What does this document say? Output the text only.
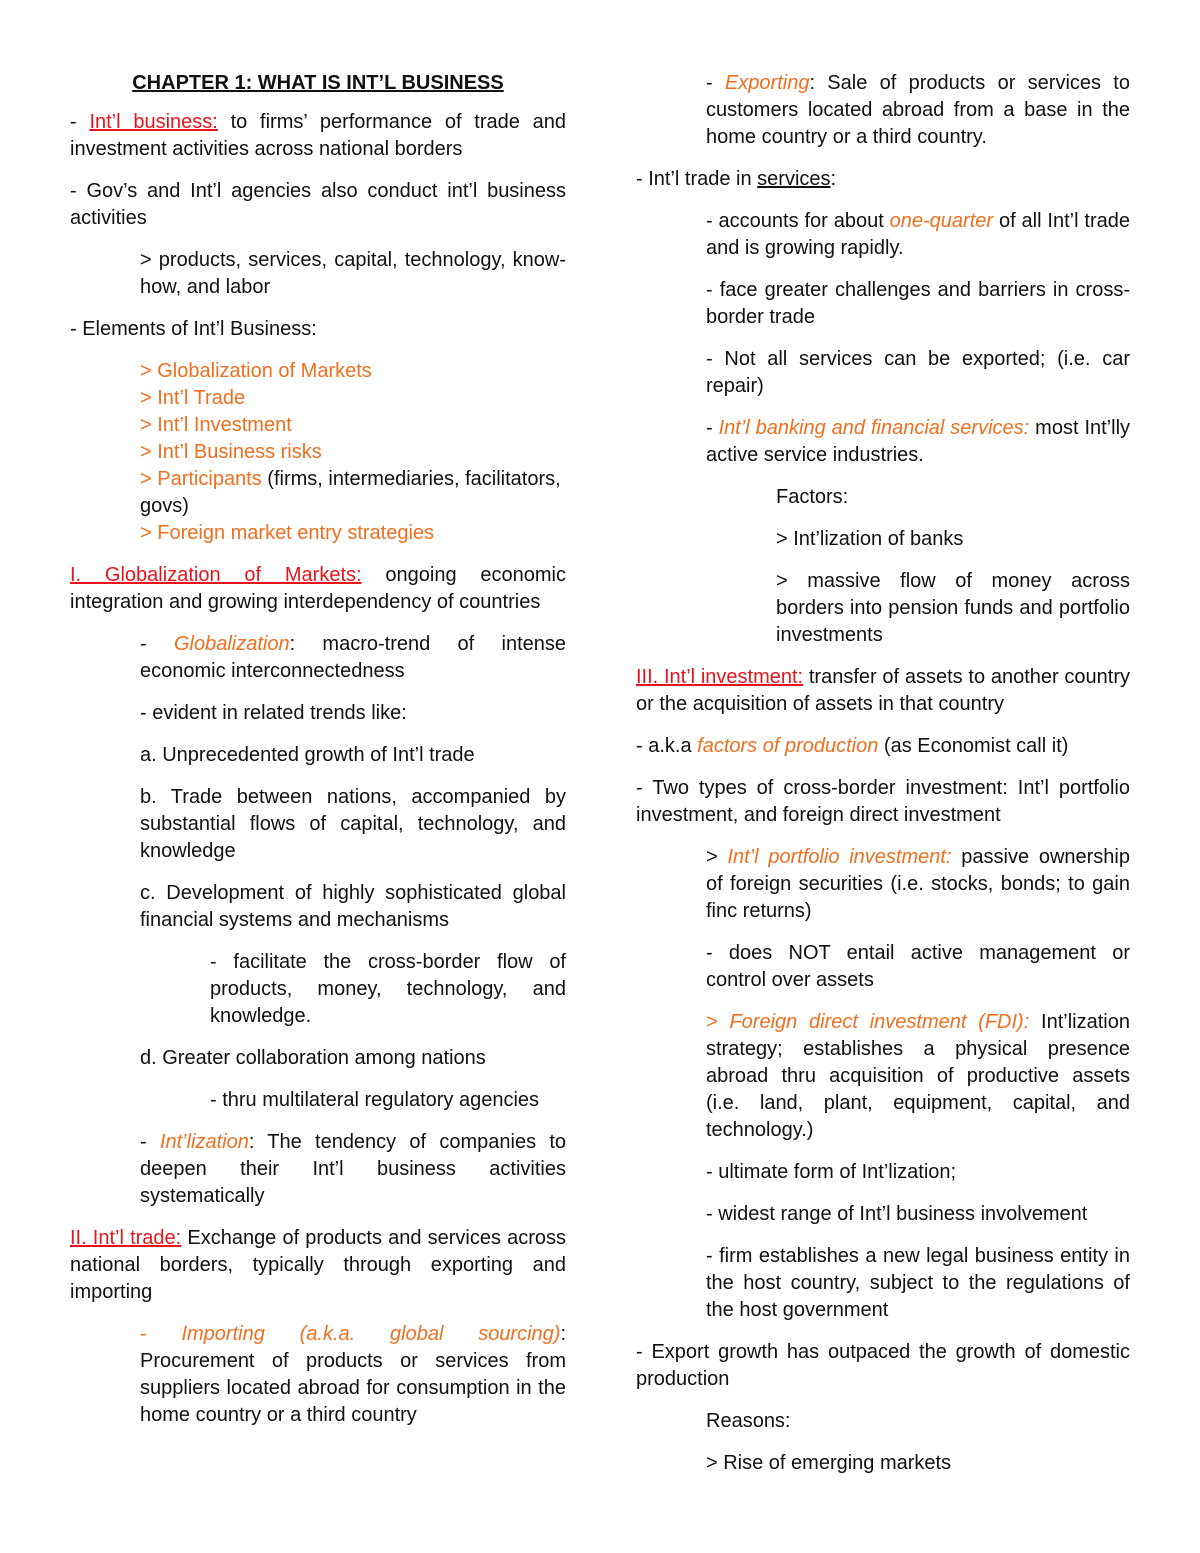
CHAPTER 1: WHAT IS INT’L BUSINESS

- Int’l business: to firms’ performance of trade and investment activities across national borders

- Gov’s and Int’l agencies also conduct int’l business activities

> products, services, capital, technology, know-how, and labor

- Elements of Int’l Business:

> Globalization of Markets
> Int’l Trade
> Int’l Investment
> Int’l Business risks
> Participants (firms, intermediaries, facilitators, govs)
> Foreign market entry strategies

I. Globalization of Markets: ongoing economic integration and growing interdependency of countries

- Globalization: macro-trend of intense economic interconnectedness

- evident in related trends like:

a. Unprecedented growth of Int’l trade

b. Trade between nations, accompanied by substantial flows of capital, technology, and knowledge

c. Development of highly sophisticated global financial systems and mechanisms

- facilitate the cross-border flow of products, money, technology, and knowledge.

d. Greater collaboration among nations

- thru multilateral regulatory agencies

- Int’lization: The tendency of companies to deepen their Int’l business activities systematically

II. Int’l trade: Exchange of products and services across national borders, typically through exporting and importing

- Importing (a.k.a. global sourcing): Procurement of products or services from suppliers located abroad for consumption in the home country or a third country

- Exporting: Sale of products or services to customers located abroad from a base in the home country or a third country.

- Int’l trade in services:

- accounts for about one-quarter of all Int’l trade and is growing rapidly.

- face greater challenges and barriers in cross-border trade

- Not all services can be exported; (i.e. car repair)

- Int’l banking and financial services: most Int’lly active service industries.

Factors:

> Int’lization of banks

> massive flow of money across borders into pension funds and portfolio investments

III. Int’l investment: transfer of assets to another country or the acquisition of assets in that country

- a.k.a factors of production (as Economist call it)

- Two types of cross-border investment: Int’l portfolio investment, and foreign direct investment

> Int’l portfolio investment: passive ownership of foreign securities (i.e. stocks, bonds; to gain finc returns)

- does NOT entail active management or control over assets

> Foreign direct investment (FDI): Int’lization strategy; establishes a physical presence abroad thru acquisition of productive assets (i.e. land, plant, equipment, capital, and technology.)

- ultimate form of Int’lization;

- widest range of Int’l business involvement

- firm establishes a new legal business entity in the host country, subject to the regulations of the host government

- Export growth has outpaced the growth of domestic production

Reasons:

> Rise of emerging markets
